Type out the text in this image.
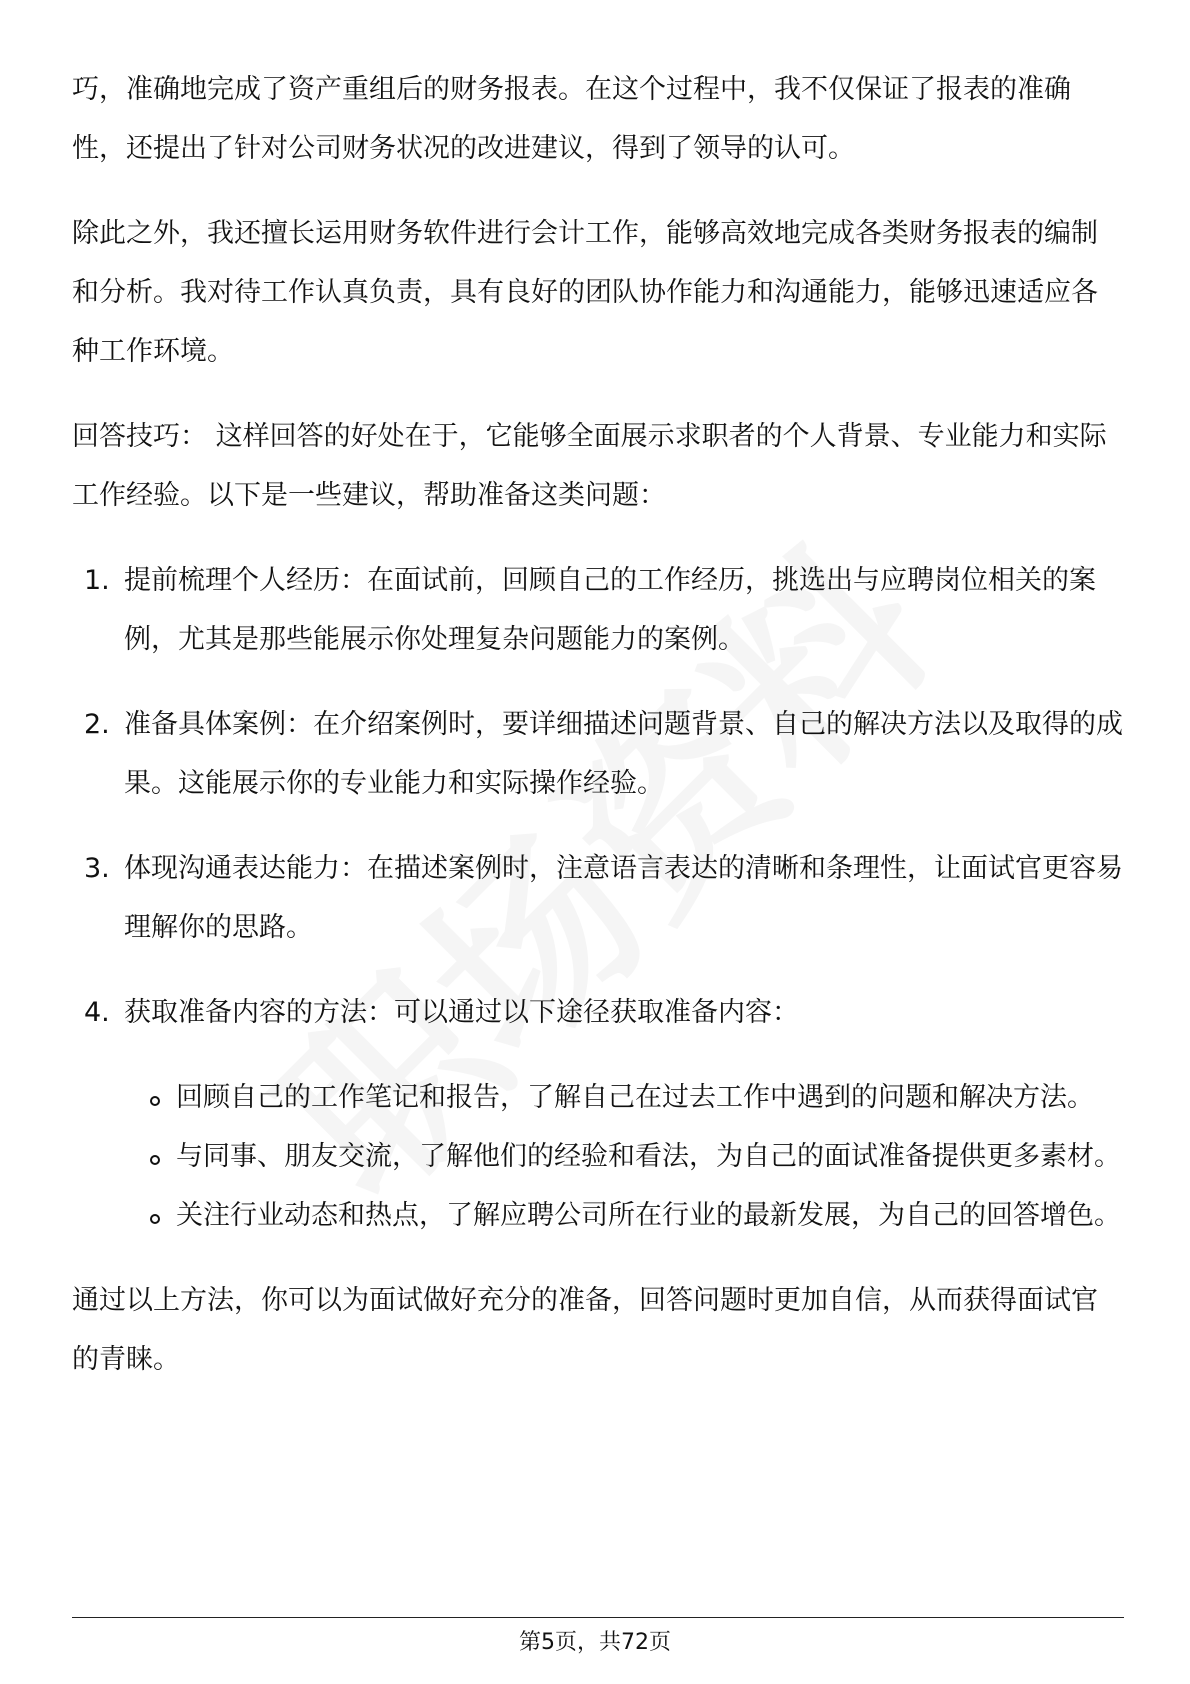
巧，准确地完成了资产重组后的财务报表。在这个过程中，我不仅保证了报表的准确性，还提出了针对公司财务状况的改进建议，得到了领导的认可。

除此之外，我还擅长运用财务软件进行会计工作，能够高效地完成各类财务报表的编制和分析。我对待工作认真负责，具有良好的团队协作能力和沟通能力，能够迅速适应各种工作环境。

回答技巧： 这样回答的好处在于，它能够全面展示求职者的个人背景、专业能力和实际工作经验。以下是一些建议，帮助准备这类问题：

1. 提前梳理个人经历：在面试前，回顾自己的工作经历，挑选出与应聘岗位相关的案例，尤其是那些能展示你处理复杂问题能力的案例。
2. 准备具体案例：在介绍案例时，要详细描述问题背景、自己的解决方法以及取得的成果。这能展示你的专业能力和实际操作经验。
3. 体现沟通表达能力：在描述案例时，注意语言表达的清晰和条理性，让面试官更容易理解你的思路。
4. 获取准备内容的方法：可以通过以下途径获取准备内容：
回顾自己的工作笔记和报告，了解自己在过去工作中遇到的问题和解决方法。
与同事、朋友交流，了解他们的经验和看法，为自己的面试准备提供更多素材。
关注行业动态和热点，了解应聘公司所在行业的最新发展，为自己的回答增色。

通过以上方法，你可以为面试做好充分的准备，回答问题时更加自信，从而获得面试官的青睐。

第5页，共72页
